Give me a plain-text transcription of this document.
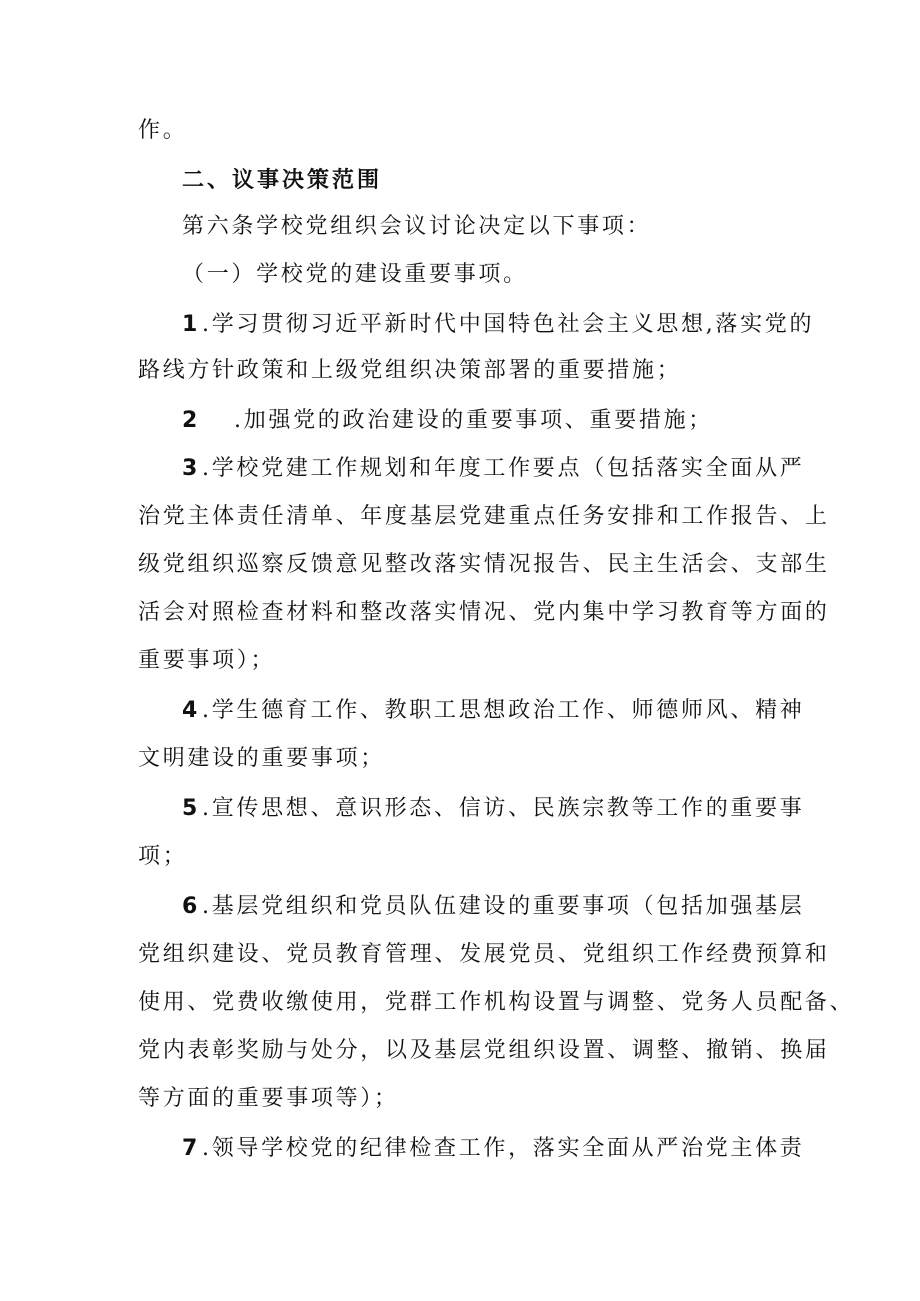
作。
二、议事决策范围
第六条学校党组织会议讨论决定以下事项：
（一）学校党的建设重要事项。
1 .学习贯彻习近平新时代中国特色社会主义思想,落实党的
路线方针政策和上级党组织决策部署的重要措施；
2 .加强党的政治建设的重要事项、重要措施；
3 .学校党建工作规划和年度工作要点（包括落实全面从严
治党主体责任清单、年度基层党建重点任务安排和工作报告、上
级党组织巡察反馈意见整改落实情况报告、民主生活会、支部生
活会对照检查材料和整改落实情况、党内集中学习教育等方面的
重要事项）；
4 .学生德育工作、教职工思想政治工作、师德师风、精神
文明建设的重要事项；
5 .宣传思想、意识形态、信访、民族宗教等工作的重要事
项；
6 .基层党组织和党员队伍建设的重要事项（包括加强基层
党组织建设、党员教育管理、发展党员、党组织工作经费预算和
使用、党费收缴使用，党群工作机构设置与调整、党务人员配备、
党内表彰奖励与处分，以及基层党组织设置、调整、撤销、换届
等方面的重要事项等）；
7 .领导学校党的纪律检查工作，落实全面从严治党主体责
